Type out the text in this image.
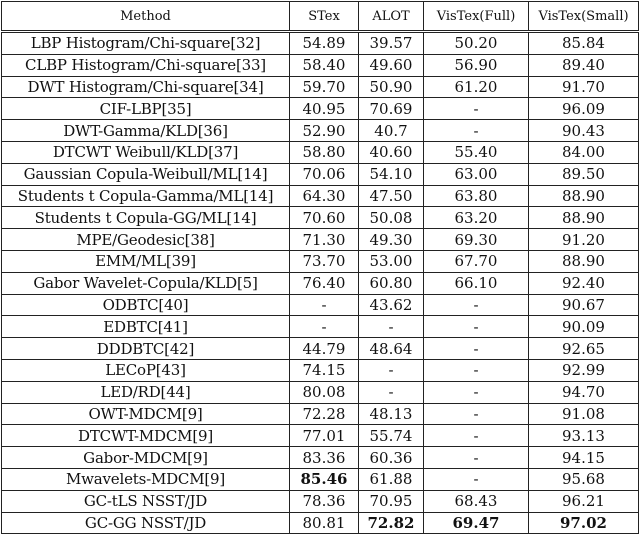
Method	STex	ALOT	VisTex(Full)	VisTex(Small)
LBP Histogram/Chi-square[32]	54.89	39.57	50.20	85.84
CLBP Histogram/Chi-square[33]	58.40	49.60	56.90	89.40
DWT Histogram/Chi-square[34]	59.70	50.90	61.20	91.70
CIF-LBP[35]	40.95	70.69	-	96.09
DWT-Gamma/KLD[36]	52.90	40.7	-	90.43
DTCWT Weibull/KLD[37]	58.80	40.60	55.40	84.00
Gaussian Copula-Weibull/ML[14]	70.06	54.10	63.00	89.50
Students t Copula-Gamma/ML[14]	64.30	47.50	63.80	88.90
Students t Copula-GG/ML[14]	70.60	50.08	63.20	88.90
MPE/Geodesic[38]	71.30	49.30	69.30	91.20
EMM/ML[39]	73.70	53.00	67.70	88.90
Gabor Wavelet-Copula/KLD[5]	76.40	60.80	66.10	92.40
ODBTC[40]	-	43.62	-	90.67
EDBTC[41]	-	-	-	90.09
DDDBTC[42]	44.79	48.64	-	92.65
LECoP[43]	74.15	-	-	92.99
LED/RD[44]	80.08	-	-	94.70
OWT-MDCM[9]	72.28	48.13	-	91.08
DTCWT-MDCM[9]	77.01	55.74	-	93.13
Gabor-MDCM[9]	83.36	60.36	-	94.15
Mwavelets-MDCM[9]	85.46	61.88	-	95.68
GC-tLS NSST/JD	78.36	70.95	68.43	96.21
GC-GG NSST/JD	80.81	72.82	69.47	97.02
